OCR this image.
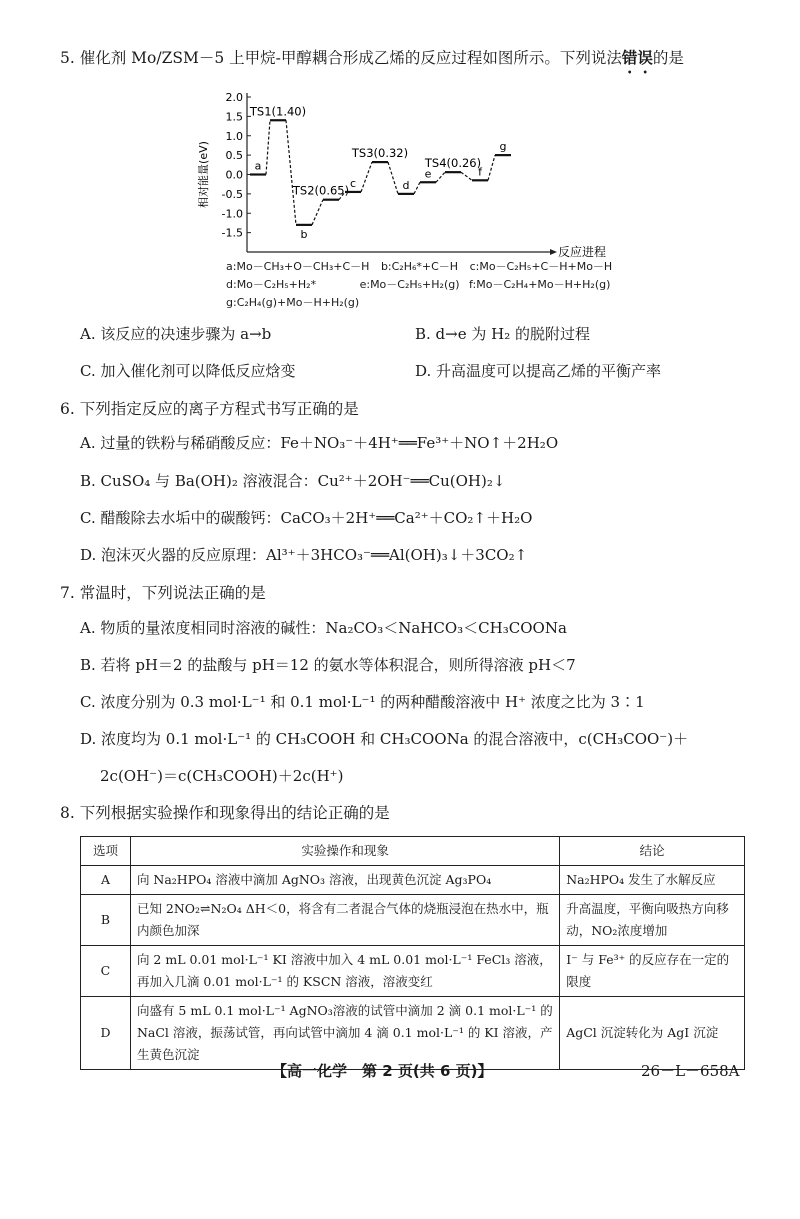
5. 催化剂 Mo/ZSM－5 上甲烷-甲醇耦合形成乙烯的反应过程如图所示。下列说法错误的是
2.0
1.5
1.0
0.5
0.0
-0.5
-1.0
-1.5
相对能量(eV)
反应进程
a
TS1(1.40)
b
TS2(0.65)
c
TS3(0.32)
d
e
TS4(0.26)
f
g
a:Mo－CH₃+O－CH₃+C－H b:C₂H₆*+C－H c:Mo－C₂H₅+C－H+Mo－H
d:Mo－C₂H₅+H₂*	e:Mo－C₂H₅+H₂(g) f:Mo－C₂H₄+Mo－H+H₂(g)
g:C₂H₄(g)+Mo－H+H₂(g)
A. 该反应的决速步骤为 a→b	B. d→e 为 H₂ 的脱附过程
C. 加入催化剂可以降低反应焓变	D. 升高温度可以提高乙烯的平衡产率
6. 下列指定反应的离子方程式书写正确的是
A. 过量的铁粉与稀硝酸反应：Fe＋NO₃⁻＋4H⁺══Fe³⁺＋NO↑＋2H₂O
B. CuSO₄ 与 Ba(OH)₂ 溶液混合：Cu²⁺＋2OH⁻══Cu(OH)₂↓
C. 醋酸除去水垢中的碳酸钙：CaCO₃＋2H⁺══Ca²⁺＋CO₂↑＋H₂O
D. 泡沫灭火器的反应原理：Al³⁺＋3HCO₃⁻══Al(OH)₃↓＋3CO₂↑
7. 常温时，下列说法正确的是
A. 物质的量浓度相同时溶液的碱性：Na₂CO₃＜NaHCO₃＜CH₃COONa
B. 若将 pH＝2 的盐酸与 pH＝12 的氨水等体积混合，则所得溶液 pH＜7
C. 浓度分别为 0.3 mol·L⁻¹ 和 0.1 mol·L⁻¹ 的两种醋酸溶液中 H⁺ 浓度之比为 3∶1
D. 浓度均为 0.1 mol·L⁻¹ 的 CH₃COOH 和 CH₃COONa 的混合溶液中，c(CH₃COO⁻)＋
2c(OH⁻)＝c(CH₃COOH)＋2c(H⁺)
8. 下列根据实验操作和现象得出的结论正确的是
选项	实验操作和现象	结论
A	向 Na₂HPO₄ 溶液中滴加 AgNO₃ 溶液，出现黄色沉淀 Ag₃PO₄	Na₂HPO₄ 发生了水解反应
B	已知 2NO₂⇌N₂O₄ ΔH＜0，将含有二者混合气体的烧瓶浸泡在热水中，瓶内颜色加深	升高温度，平衡向吸热方向移动，NO₂浓度增加
C	向 2 mL 0.01 mol·L⁻¹ KI 溶液中加入 4 mL 0.01 mol·L⁻¹ FeCl₃ 溶液，再加入几滴 0.01 mol·L⁻¹ 的 KSCN 溶液，溶液变红	I⁻ 与 Fe³⁺ 的反应存在一定的限度
D	向盛有 5 mL 0.1 mol·L⁻¹ AgNO₃溶液的试管中滴加 2 滴 0.1 mol·L⁻¹ 的 NaCl 溶液，振荡试管，再向试管中滴加 4 滴 0.1 mol·L⁻¹ 的 KI 溶液，产生黄色沉淀	AgCl 沉淀转化为 AgI 沉淀
【高一化学　第 2 页(共 6 页)】	26－L－658A
